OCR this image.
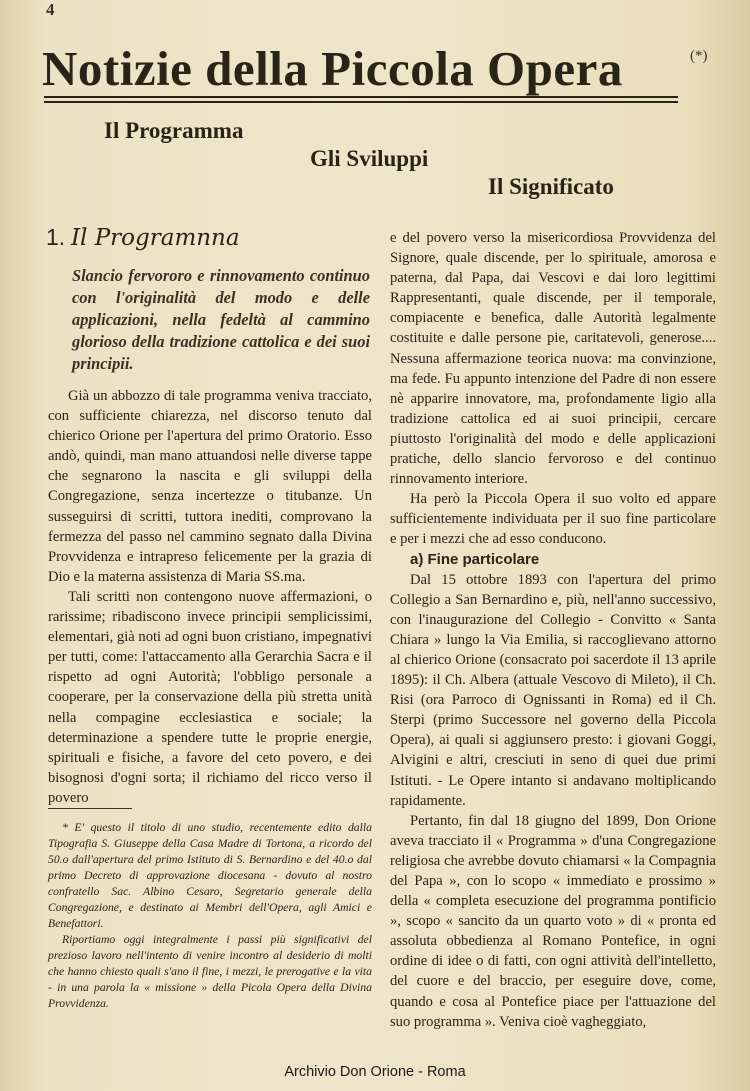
4
Notizie della Piccola Opera	(*)
Il Programma
Gli Sviluppi
Il Significato
1. Il Programnna
Slancio fervororo e rinnovamento continuo con l'originalità del modo e delle applicazioni, nella fedeltà al cammino glorioso della tradizione cattolica e dei suoi principii.

Già un abbozzo di tale programma veniva tracciato, con sufficiente chiarezza, nel discorso tenuto dal chierico Orione per l'apertura del primo Oratorio. Esso andò, quindi, man mano attuandosi nelle diverse tappe che segnarono la nascita e gli sviluppi della Congregazione, senza incertezze o titubanze. Un susseguirsi di scritti, tuttora inediti, comprovano la fermezza del passo nel cammino segnato dalla Divina Provvidenza e intrapreso felicemente per la grazia di Dio e la materna assistenza di Maria SS.ma.

Tali scritti non contengono nuove affermazioni, o rarissime; ribadiscono invece principii semplicissimi, elementari, già noti ad ogni buon cristiano, impegnativi per tutti, come: l'attaccamento alla Gerarchia Sacra e il rispetto ad ogni Autorità; l'obbligo personale a cooperare, per la conservazione della più stretta unità nella compagine ecclesiastica e sociale; la determinazione a spendere tutte le proprie energie, spirituali e fisiche, a favore del ceto povero, e dei bisognosi d'ogni sorta; il richiamo del ricco verso il povero

* E' questo il titolo di uno studio, recentemente edito dalla Tipografia S. Giuseppe della Casa Madre di Tortona, a ricordo del 50.o dall'apertura del primo Istituto di S. Bernardino e del 40.o dal primo Decreto di approvazione diocesana - dovuto al nostro confratello Sac. Albino Cesaro, Segretario generale della Congregazione, e destinato ai Membri dell'Opera, agli Amici e Benefattori.

Riportiamo oggi integralmente i passi più significativi del prezioso lavoro nell'intento di venire incontro al desiderio di molti che hanno chiesto quali s'ano il fine, i mezzi, le prerogative e la vita - in una parola la « missione » della Picola Opera della Divina Provvidenza.

e del povero verso la misericordiosa Provvidenza del Signore, quale discende, per lo spirituale, amorosa e paterna, dal Papa, dai Vescovi e dai loro legittimi Rappresentanti, quale discende, per il temporale, compiacente e benefica, dalle Autorità legalmente costituite e dalle persone pie, caritatevoli, generose.... Nessuna affermazione teorica nuova: ma convinzione, ma fede. Fu appunto intenzione del Padre di non essere nè apparire innovatore, ma, profondamente ligio alla tradizione cattolica ed ai suoi principii, cercare piuttosto l'originalità del modo e delle applicazioni pratiche, dello slancio fervoroso e del continuo rinnovamento interiore.

Ha però la Piccola Opera il suo volto ed appare sufficientemente individuata per il suo fine particolare e per i mezzi che ad esso conducono.

a) Fine particolare

Dal 15 ottobre 1893 con l'apertura del primo Collegio a San Bernardino e, più, nell'anno successivo, con l'inaugurazione del Collegio - Convitto « Santa Chiara » lungo la Via Emilia, si raccoglievano attorno al chierico Orione (consacrato poi sacerdote il 13 aprile 1895): il Ch. Albera (attuale Vescovo di Mileto), il Ch. Risi (ora Parroco di Ognissanti in Roma) ed il Ch. Sterpi (primo Successore nel governo della Piccola Opera), ai quali si aggiunsero presto: i giovani Goggi, Alvigini e altri, cresciuti in seno di quei due primi Istituti. - Le Opere intanto si andavano moltiplicando rapidamente.

Pertanto, fin dal 18 giugno del 1899, Don Orione aveva tracciato il « Programma » d'una Congregazione religiosa che avrebbe dovuto chiamarsi « la Compagnia del Papa », con lo scopo « immediato e prossimo » della « completa esecuzione del programma pontificio », scopo « sancito da un quarto voto » di « pronta ed assoluta obbedienza al Romano Pontefice, in ogni ordine di idee o di fatti, con ogni attività dell'intelletto, del cuore e del braccio, per eseguire dove, come, quando e cosa al Pontefice piace per l'attuazione del suo programma ». Veniva cioè vagheggiato,

Archivio Don Orione - Roma
